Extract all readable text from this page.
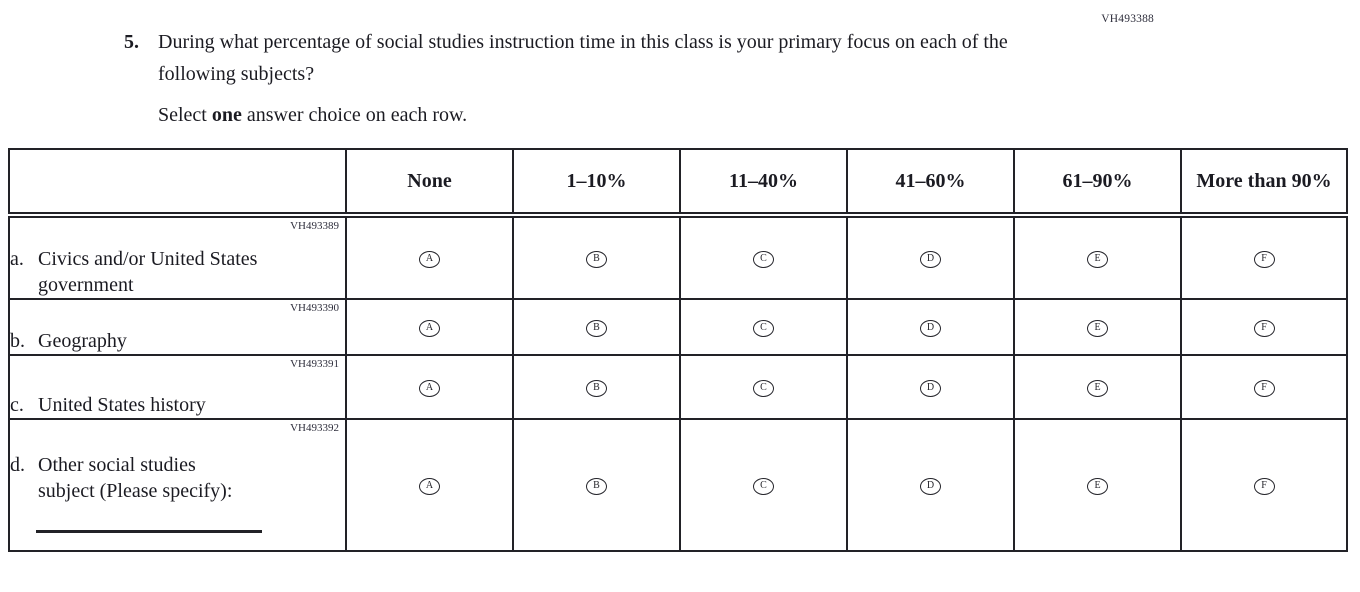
VH493388
5. During what percentage of social studies instruction time in this class is your primary focus on each of the following subjects?
Select one answer choice on each row.
	None	1–10%	11–40%	41–60%	61–90%	More than 90%

VH493389
a. Civics and/or United States
government	A	B	C	D	E	F

VH493390
b. Geography	A	B	C	D	E	F

VH493391
c. United States history	A	B	C	D	E	F

VH493392
d. Other social studies
subject (Please specify):	A	B	C	D	E	F
